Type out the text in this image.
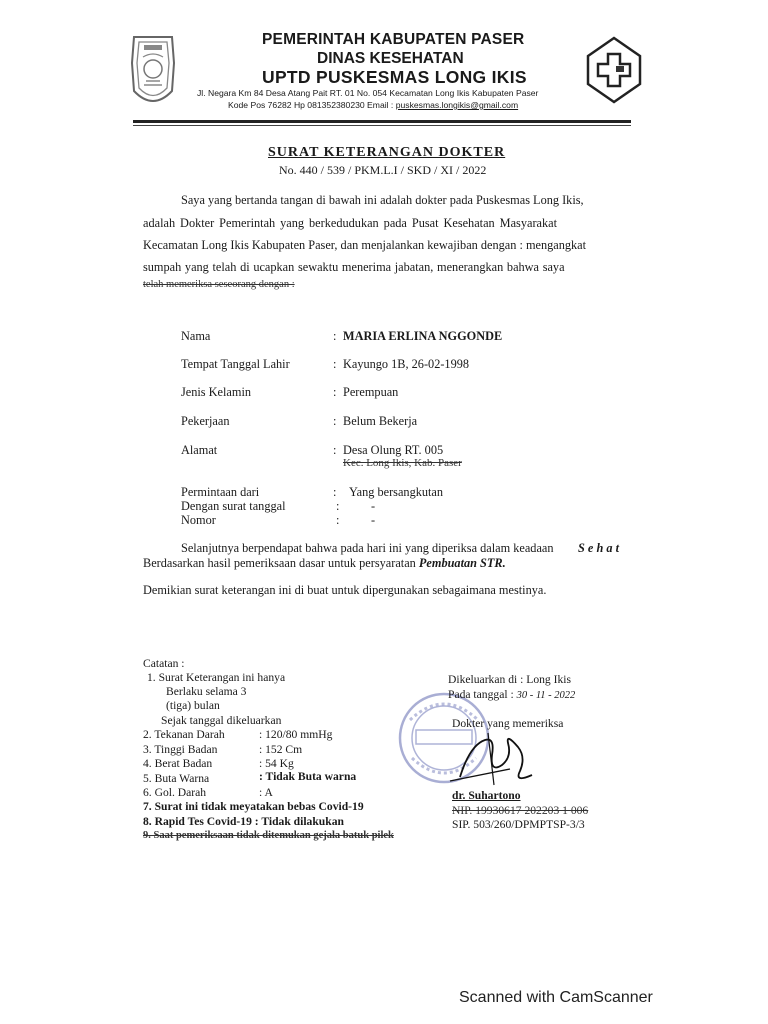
PEMERINTAH KABUPATEN PASER
DINAS KESEHATAN
UPTD PUSKESMAS LONG IKIS
Jl. Negara Km 84 Desa Atang Pait RT. 01 No. 054 Kecamatan Long Ikis Kabupaten Paser
Kode Pos 76282 Hp 081352380230 Email : puskesmas.longikis@gmail.com
SURAT KETERANGAN DOKTER
No. 440 / 539 / PKM.L.I / SKD / XI / 2022
Saya yang bertanda tangan di bawah ini adalah dokter pada Puskesmas Long Ikis,
adalah Dokter Pemerintah yang berkedudukan pada Pusat Kesehatan Masyarakat
Kecamatan Long Ikis Kabupaten Paser, dan menjalankan kewajiban dengan : mengangkat
sumpah yang telah di ucapkan sewaktu menerima jabatan, menerangkan bahwa saya
telah memeriksa seseorang dengan :
Nama	: MARIA ERLINA NGGONDE
Tempat Tanggal Lahir	: Kayungo 1B, 26-02-1998
Jenis Kelamin	: Perempuan
Pekerjaan	: Belum Bekerja
Alamat	: Desa Olung RT. 005
Kec. Long Ikis, Kab. Paser
Permintaan dari	: Yang bersangkutan
Dengan surat tanggal	:	-
Nomor	:	-
Selanjutnya berpendapat bahwa pada hari ini yang diperiksa dalam keadaan S e h a t
Berdasarkan hasil pemeriksaan dasar untuk persyaratan Pembuatan STR.
Demikian surat keterangan ini di buat untuk dipergunakan sebagaimana mestinya.
Catatan :
1. Surat Keterangan ini hanya
Berlaku selama 3
(tiga) bulan
Sejak tanggal dikeluarkan
2. Tekanan Darah	: 120/80 mmHg
3. Tinggi Badan	: 152 Cm
4. Berat Badan	: 54 Kg
5. Buta Warna	: Tidak Buta warna
6. Gol. Darah	: A
7. Surat ini tidak meyatakan bebas Covid-19
8. Rapid Tes Covid-19 : Tidak dilakukan
9. Saat pemeriksaan tidak ditemukan gejala batuk pilek
Dikeluarkan di : Long Ikis
Pada tanggal : 30 - 11 - 2022
Dokter yang memeriksa
dr. Suhartono
NIP. 19930617 202203 1 006
SIP. 503/260/DPMPTSP-3/3
Scanned with CamScanner
